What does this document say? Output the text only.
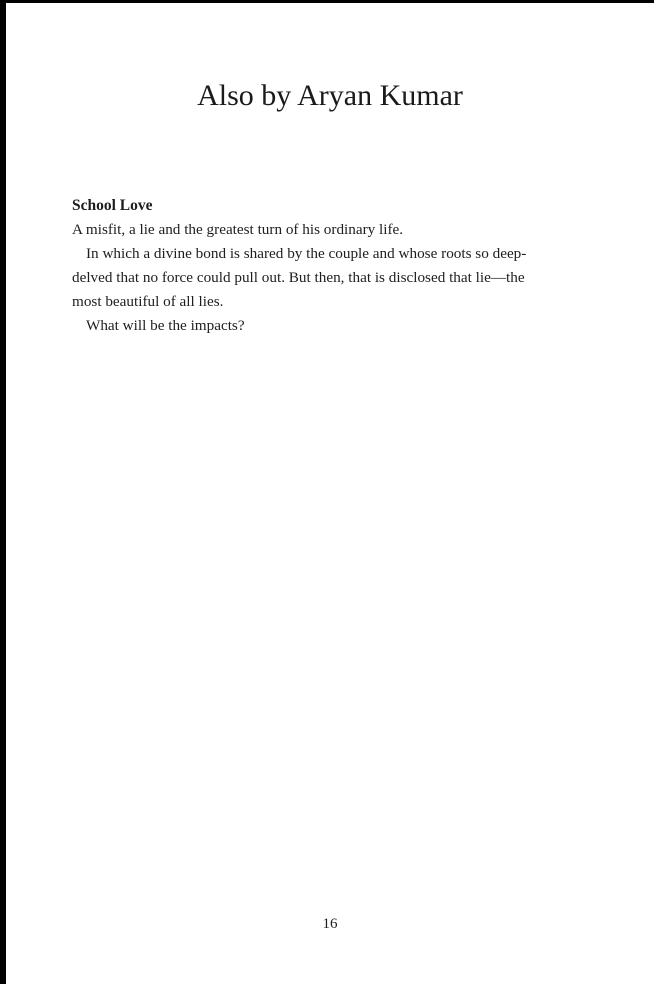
Also by Aryan Kumar

School Love

A misfit, a lie and the greatest turn of his ordinary life.

In which a divine bond is shared by the couple and whose roots so deep-
delved that no force could pull out. But then, that is disclosed that lie—the
most beautiful of all lies.

What will be the impacts?

16
